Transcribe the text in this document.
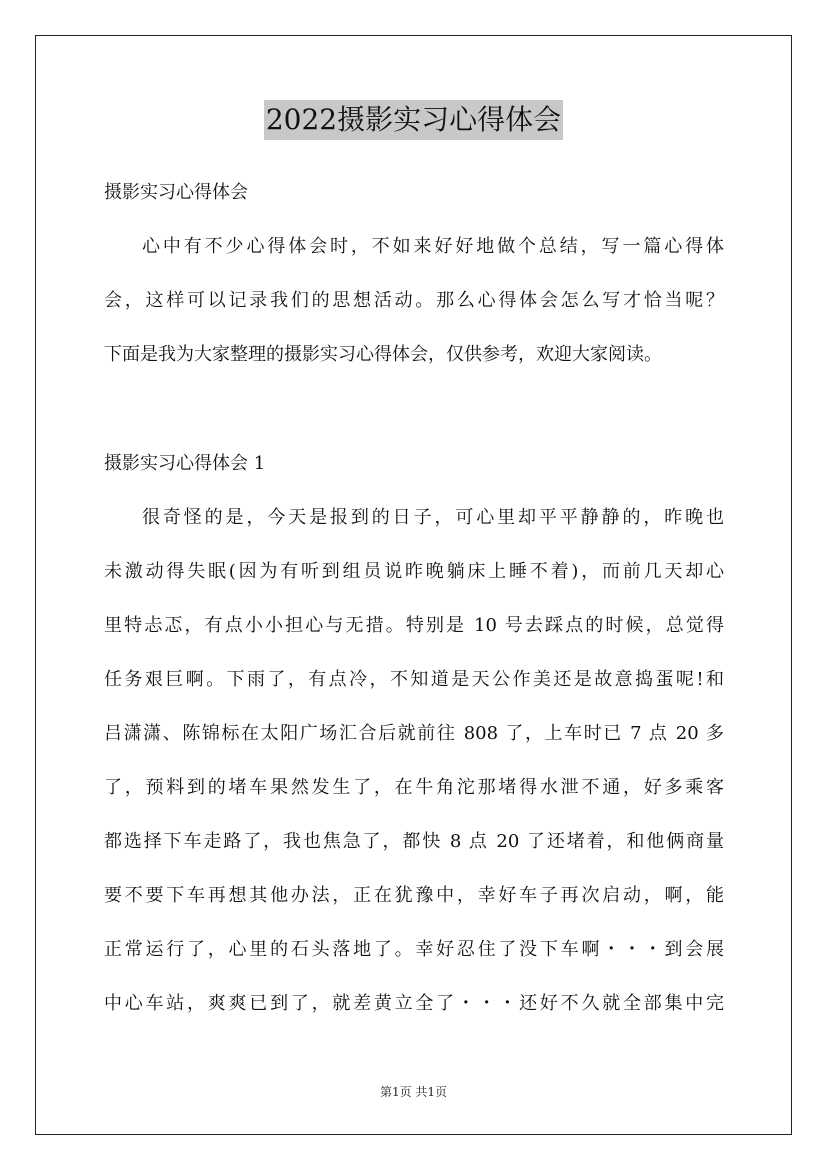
2022摄影实习心得体会
摄影实习心得体会
心中有不少心得体会时，不如来好好地做个总结，写一篇心得体
会，这样可以记录我们的思想活动。那么心得体会怎么写才恰当呢？
下面是我为大家整理的摄影实习心得体会，仅供参考，欢迎大家阅读。
摄影实习心得体会 1
很奇怪的是，今天是报到的日子，可心里却平平静静的，昨晚也
未激动得失眠(因为有听到组员说昨晚躺床上睡不着)，而前几天却心
里特忐忑，有点小小担心与无措。特别是 10 号去踩点的时候，总觉得
任务艰巨啊。下雨了，有点冷，不知道是天公作美还是故意捣蛋呢!和
吕潇潇、陈锦标在太阳广场汇合后就前往 808 了，上车时已 7 点 20 多
了，预料到的堵车果然发生了，在牛角沱那堵得水泄不通，好多乘客
都选择下车走路了，我也焦急了，都快 8 点 20 了还堵着，和他俩商量
要不要下车再想其他办法，正在犹豫中，幸好车子再次启动，啊，能
正常运行了，心里的石头落地了。幸好忍住了没下车啊・・・到会展
中心车站，爽爽已到了，就差黄立全了・・・还好不久就全部集中完
第1页 共1页
